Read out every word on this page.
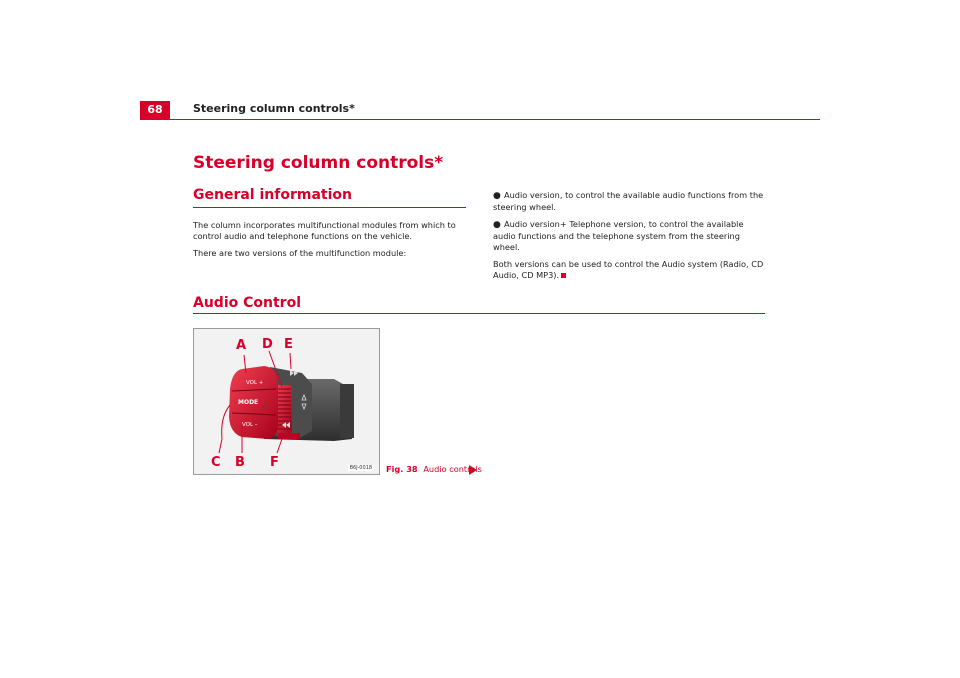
68	Steering column controls*
Steering column controls*
General information

The column incorporates multifunctional modules from which to control audio and telephone functions on the vehicle.

There are two versions of the multifunction module:

● Audio version, to control the available audio functions from the steering wheel.

● Audio version+ Telephone version, to control the available audio functions and the telephone system from the steering wheel.

Both versions can be used to control the Audio system (Radio, CD Audio, CD MP3).

Audio Control
VOL +
MODE
VOL –
A D E
C B F	B6J-0018 Fig. 38 Audio controls
